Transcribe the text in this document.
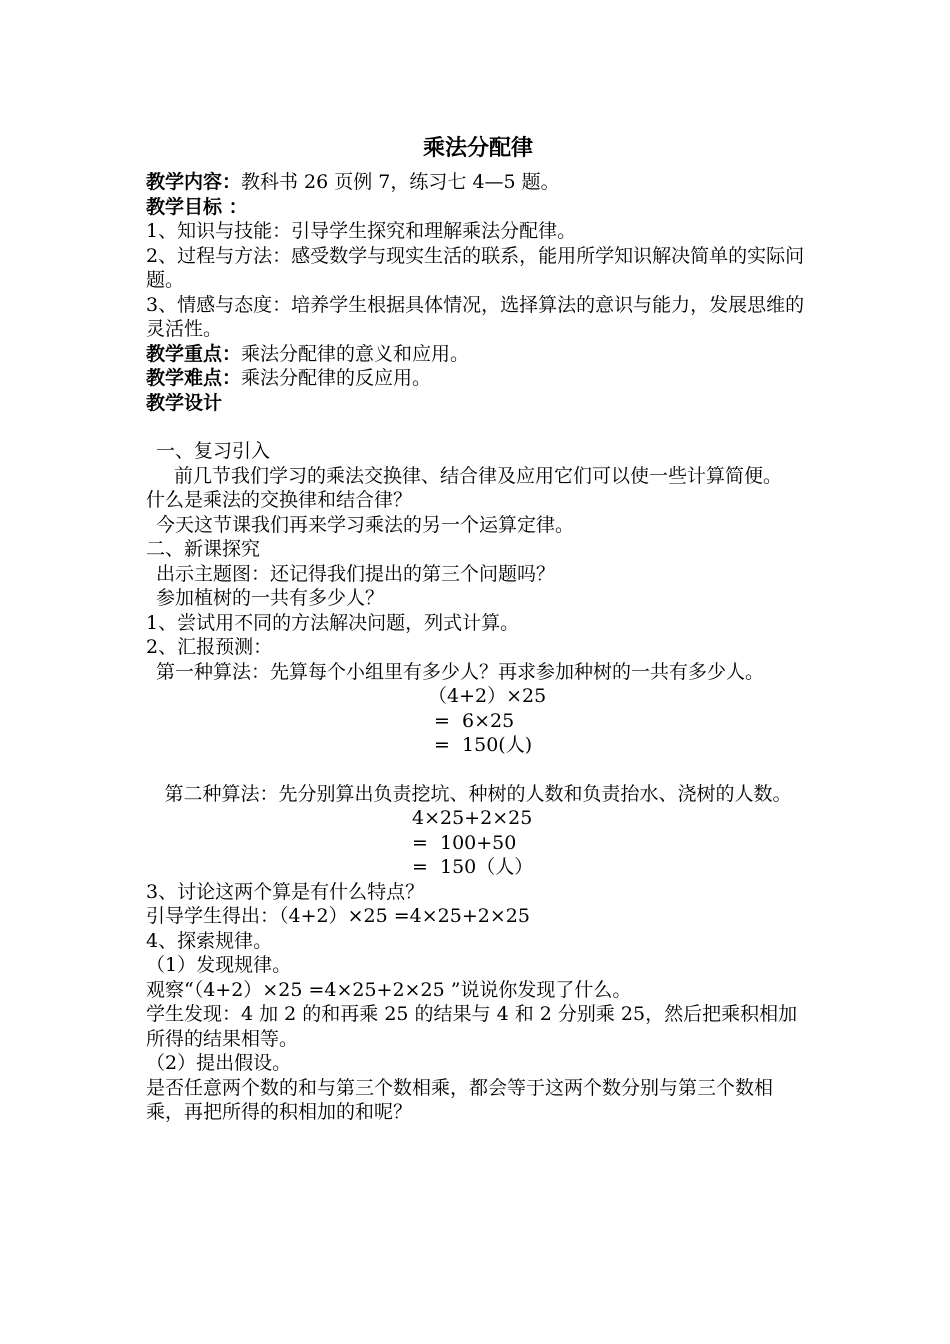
乘法分配律
教学内容：教科书 26 页例 7，练习七 4—5 题。
教学目标 ：
1、知识与技能：引导学生探究和理解乘法分配律。
2、过程与方法：感受数学与现实生活的联系，能用所学知识解决简单的实际问题。
3、情感与态度：培养学生根据具体情况，选择算法的意识与能力，发展思维的灵活性。
教学重点：乘法分配律的意义和应用。
教学难点：乘法分配律的反应用。
教学设计
一、复习引入
前几节我们学习的乘法交换律、结合律及应用它们可以使一些计算简便。
什么是乘法的交换律和结合律？
今天这节课我们再来学习乘法的另一个运算定律。
二、新课探究
出示主题图：还记得我们提出的第三个问题吗？
参加植树的一共有多少人？
1、尝试用不同的方法解决问题，列式计算。
2、汇报预测：
第一种算法：先算每个小组里有多少人？再求参加种树的一共有多少人。
（4+2）×25
=  6×25
=  150(人)
第二种算法：先分别算出负责挖坑、种树的人数和负责抬水、浇树的人数。
4×25+2×25
=  100+50
=  150（人）
3、讨论这两个算是有什么特点？
引导学生得出：（4+2）×25 =4×25+2×25
4、探索规律。
（1）发现规律。
观察“（4+2）×25 =4×25+2×25 ”说说你发现了什么。
学生发现：4 加 2 的和再乘 25 的结果与 4 和 2 分别乘 25，然后把乘积相加所得的结果相等。
（2）提出假设。
是否任意两个数的和与第三个数相乘，都会等于这两个数分别与第三个数相乘，再把所得的积相加的和呢？
